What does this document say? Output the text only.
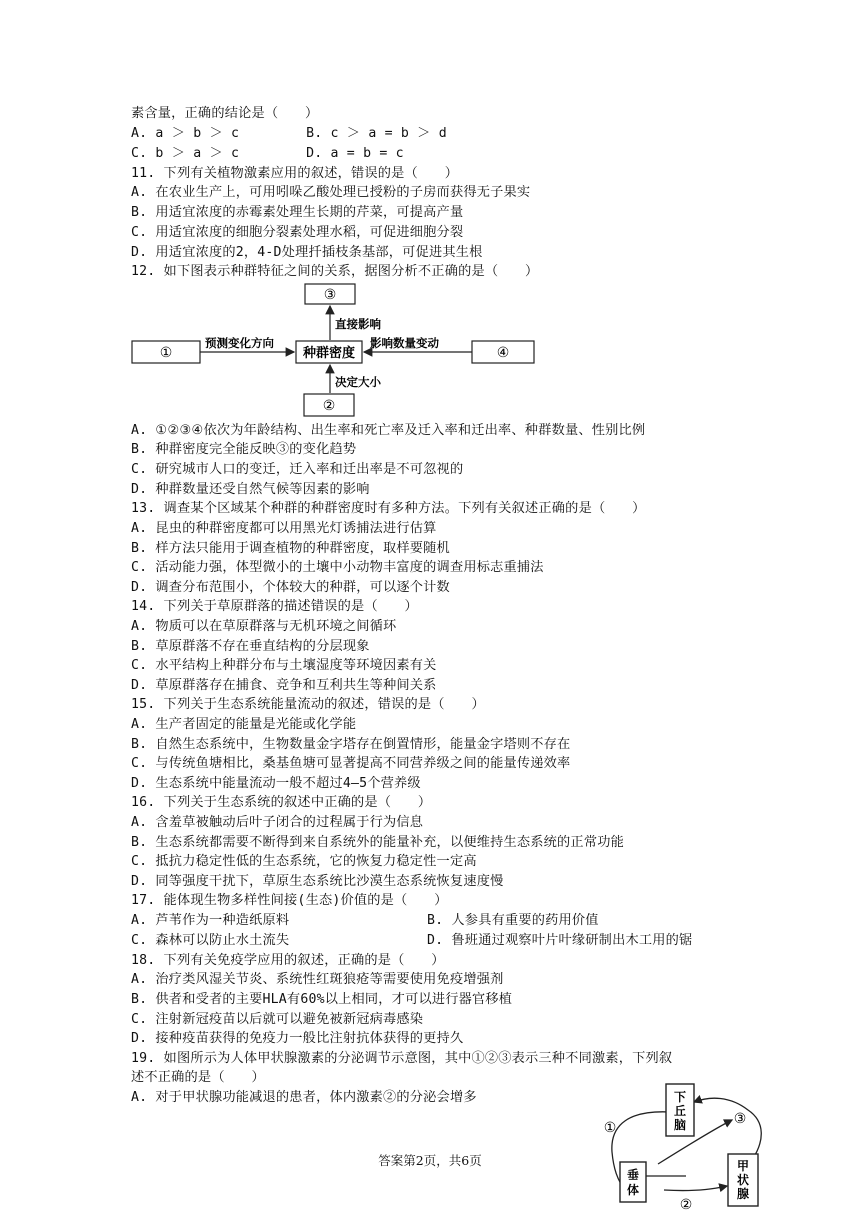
素含量，正确的结论是（　　）
A. a ＞ b ＞ c　　　　　B. c ＞ a = b ＞ d
C. b ＞ a ＞ c　　　　　D. a = b = c
11. 下列有关植物激素应用的叙述，错误的是（　　）
A. 在农业生产上，可用吲哚乙酸处理已授粉的子房而获得无子果实
B. 用适宜浓度的赤霉素处理生长期的芹菜，可提高产量
C. 用适宜浓度的细胞分裂素处理水稻，可促进细胞分裂
D. 用适宜浓度的2，4-D处理扦插枝条基部，可促进其生根
12. 如下图表示种群特征之间的关系，据图分析不正确的是（　　）
③
①	种群密度	④
②
预测变化方向
直接影响
影响数量变动
决定大小
A. ①②③④依次为年龄结构、出生率和死亡率及迁入率和迁出率、种群数量、性别比例
B. 种群密度完全能反映③的变化趋势
C. 研究城市人口的变迁，迁入率和迁出率是不可忽视的
D. 种群数量还受自然气候等因素的影响
13. 调查某个区域某个种群的种群密度时有多种方法。下列有关叙述正确的是（　　）
A. 昆虫的种群密度都可以用黑光灯诱捕法进行估算
B. 样方法只能用于调查植物的种群密度，取样要随机
C. 活动能力强，体型微小的土壤中小动物丰富度的调查用标志重捕法
D. 调查分布范围小，个体较大的种群，可以逐个计数
14. 下列关于草原群落的描述错误的是（　　）
A. 物质可以在草原群落与无机环境之间循环
B. 草原群落不存在垂直结构的分层现象
C. 水平结构上种群分布与土壤湿度等环境因素有关
D. 草原群落存在捕食、竞争和互利共生等种间关系
15. 下列关于生态系统能量流动的叙述，错误的是（　　）
A. 生产者固定的能量是光能或化学能
B. 自然生态系统中，生物数量金字塔存在倒置情形，能量金字塔则不存在
C. 与传统鱼塘相比，桑基鱼塘可显著提高不同营养级之间的能量传递效率
D. 生态系统中能量流动一般不超过4—5个营养级
16. 下列关于生态系统的叙述中正确的是（　　）
A. 含羞草被触动后叶子闭合的过程属于行为信息
B. 生态系统都需要不断得到来自系统外的能量补充，以便维持生态系统的正常功能
C. 抵抗力稳定性低的生态系统，它的恢复力稳定性一定高
D. 同等强度干扰下，草原生态系统比沙漠生态系统恢复速度慢
17. 能体现生物多样性间接(生态)价值的是（　　）
A. 芦苇作为一种造纸原料	B. 人参具有重要的药用价值
C. 森林可以防止水土流失	D. 鲁班通过观察叶片叶缘研制出木工用的锯
18. 下列有关免疫学应用的叙述，正确的是（　　）
A. 治疗类风湿关节炎、系统性红斑狼疮等需要使用免疫增强剂
B. 供者和受者的主要HLA有60%以上相同，才可以进行器官移植
C. 注射新冠疫苗以后就可以避免被新冠病毒感染
D. 接种疫苗获得的免疫力一般比注射抗体获得的更持久
19. 如图所示为人体甲状腺激素的分泌调节示意图，其中①②③表示三种不同激素，下列叙
述不正确的是（　　）
A. 对于甲状腺功能减退的患者，体内激素②的分泌会增多	下
丘
脑
垂
体
甲
状
腺
①
②
③
答案第2页，共6页
